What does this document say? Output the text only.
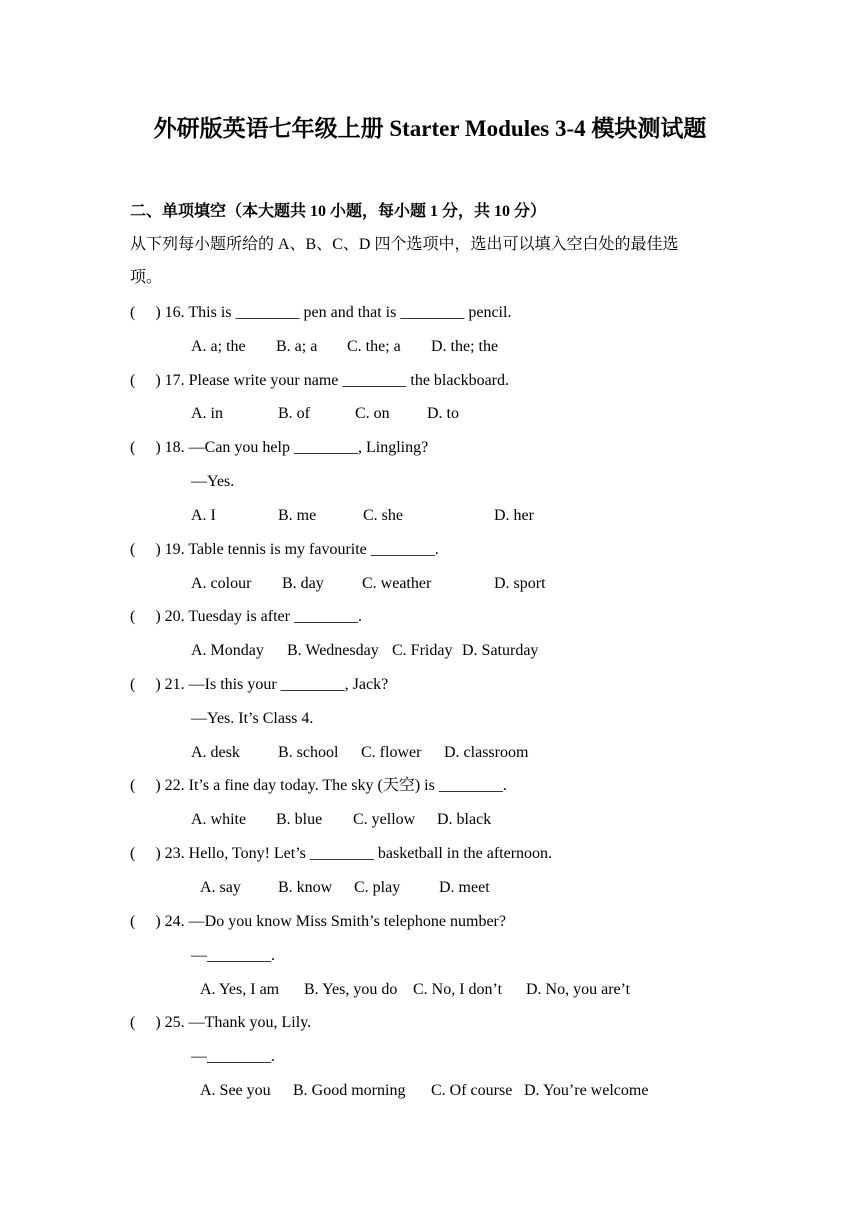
外研版英语七年级上册 Starter Modules 3-4 模块测试题
二、单项填空（本大题共 10 小题，每小题 1 分，共 10 分）
从下列每小题所给的 A、B、C、D 四个选项中，选出可以填入空白处的最佳选
项。
(     ) 16. This is ________ pen and that is ________ pencil.
A. a; the B. a; a C. the; a D. the; the
(     ) 17. Please write your name ________ the blackboard.
A. in	B. of	C. on D. to
(     ) 18. —Can you help ________, Lingling?
—Yes.
A. I	B. me	C. she	D. her
(     ) 19. Table tennis is my favourite ________.
A. colour B. day C. weather	D. sport
(     ) 20. Tuesday is after ________.
A. Monday B. Wednesday C. Friday D. Saturday
(     ) 21. —Is this your ________, Jack?
—Yes. It’s Class 4.
A. desk B. school C. flower D. classroom
(     ) 22. It’s a fine day today. The sky (天空) is ________.
A. white B. blue C. yellow D. black
(     ) 23. Hello, Tony! Let’s ________ basketball in the afternoon.
A. say B. know C. play D. meet
(     ) 24. —Do you know Miss Smith’s telephone number?
—________.
A. Yes, I am B. Yes, you do C. No, I don’t D. No, you are’t
(     ) 25. —Thank you, Lily.
—________.
A. See you B. Good morning C. Of course D. You’re welcome
